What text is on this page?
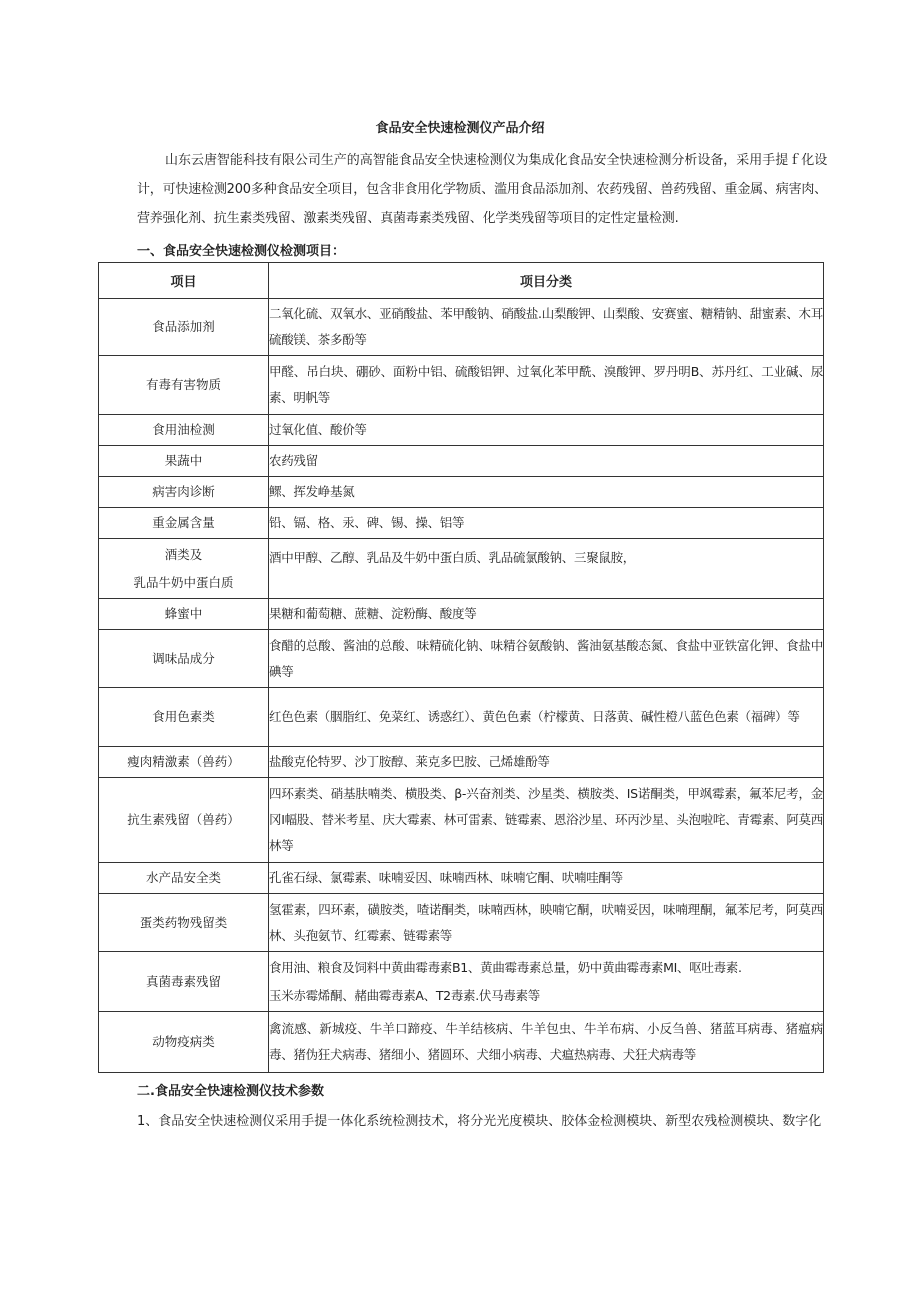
食品安全快速检测仪产品介绍

山东云唐智能科技有限公司生产的高智能食品安全快速检测仪为集成化食品安全快速检测分析设备，采用手提ｆ化设计，可快速检测200多种食品安全项目，包含非食用化学物质、滥用食品添加剂、农药残留、兽药残留、重金属、病害肉、营养强化剂、抗生素类残留、激素类残留、真菌毒素类残留、化学类残留等项目的定性定量检测.

一、食品安全快速检测仪检测项目：
项目	项目分类
食品添加剂	二氧化硫、双氧水、亚硝酸盐、苯甲酸钠、硝酸盐.山梨酸钾、山梨酸、安赛蜜、糖精钠、甜蜜素、木耳硫酸镁、茶多酚等
有毒有害物质	甲醛、吊白块、硼砂、面粉中铝、硫酸铝钾、过氧化苯甲酰、溴酸钾、罗丹明B、苏丹红、工业碱、尿素、明帆等
食用油检测	过氧化值、酸价等
果蔬中	农药残留
病害肉诊断	鳏、挥发峥基氮
重金属含量	铅、镉、格、汞、碑、锡、操、铝等

酒类及
乳品牛奶中蛋白质	酒中甲醇、乙醇、乳品及牛奶中蛋白质、乳品硫氯酸钠、三聚鼠胺，
蜂蜜中	果糖和葡萄糖、蔗糖、淀粉酶、酸度等
调味品成分	食醋的总酸、酱油的总酸、味精硫化钠、味精谷氨酸钠、酱油氨基酸态氮、食盐中亚铁富化钾、食盐中碘等
食用色素类	红色色素（胭脂红、免菜红、诱惑红）、黄色色素（柠檬黄、日落黄、碱性橙八蓝色色素（福碑）等
瘦肉精激素（兽药）	盐酸克伦特罗、沙丁胺醇、莱克多巴胺、己烯雄酚等
抗生素残留（兽药）	四环素类、硝基肤喃类、横股类、β-兴奋剂类、沙星类、横胺类、IS诺酮类，甲飒霉素，氟苯尼考，金冈I幅股、替米考星、庆大霉素、林可雷素、链霉素、恩浴沙星、环丙沙星、头泡啦咤、青霉素、阿莫西林等
水产品安全类	孔雀石绿、氯霉素、味喃妥因、味喃西林、味喃它酮、吠喃哇酮等
蛋类药物残留类	氢霍素，四环素，磺胺类，喳诺酮类，味喃西林，映喃它酮，吠喃妥因，味喃理酮，氟苯尼考，阿莫西林、头孢氨节、红霉素、链霉素等
真菌毒素残留	食用油、粮食及饲料中黄曲霉毒素B1、黄曲霉毒素总量，奶中黄曲霉毒素MI、呕吐毒素.
玉米赤霉烯酮、赭曲霉毒素A、T2毒素.伏马毒素等

动物疫病类	禽流感、新城疫、牛羊口蹄疫、牛羊结核病、牛羊包虫、牛羊布病、小反刍兽、猪蓝耳病毒、猪瘟病毒、猪伪狂犬病毒、猪细小、猪圆环、犬细小病毒、犬瘟热病毒、犬狂犬病毒等
二.食品安全快速检测仪技术参数

1、食品安全快速检测仪采用手提一体化系统检测技术，将分光光度模块、胶体金检测模块、新型农残检测模块、数字化
